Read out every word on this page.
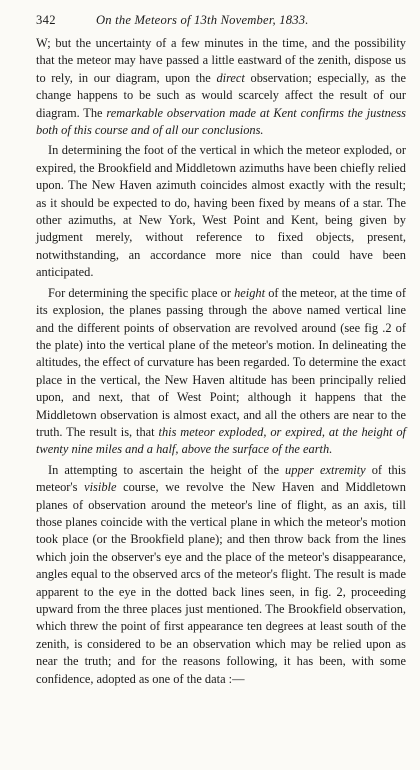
342	On the Meteors of 13th November, 1833.

W; but the uncertainty of a few minutes in the time, and the possibility that the meteor may have passed a little eastward of the zenith, dispose us to rely, in our diagram, upon the direct observation; especially, as the change happens to be such as would scarcely affect the result of our diagram. The remarkable observation made at Kent confirms the justness both of this course and of all our conclusions.

In determining the foot of the vertical in which the meteor exploded, or expired, the Brookfield and Middletown azimuths have been chiefly relied upon. The New Haven azimuth coincides almost exactly with the result; as it should be expected to do, having been fixed by means of a star. The other azimuths, at New York, West Point and Kent, being given by judgment merely, without reference to fixed objects, present, notwithstanding, an accordance more nice than could have been anticipated.

For determining the specific place or height of the meteor, at the time of its explosion, the planes passing through the above named vertical line and the different points of observation are revolved around (see fig .2 of the plate) into the vertical plane of the meteor's motion. In delineating the altitudes, the effect of curvature has been regarded. To determine the exact place in the vertical, the New Haven altitude has been principally relied upon, and next, that of West Point; although it happens that the Middletown observation is almost exact, and all the others are near to the truth. The result is, that this meteor exploded, or expired, at the height of twenty nine miles and a half, above the surface of the earth.

In attempting to ascertain the height of the upper extremity of this meteor's visible course, we revolve the New Haven and Middletown planes of observation around the meteor's line of flight, as an axis, till those planes coincide with the vertical plane in which the meteor's motion took place (or the Brookfield plane); and then throw back from the lines which join the observer's eye and the place of the meteor's disappearance, angles equal to the observed arcs of the meteor's flight. The result is made apparent to the eye in the dotted back lines seen, in fig. 2, proceeding upward from the three places just mentioned. The Brookfield observation, which threw the point of first appearance ten degrees at least south of the zenith, is considered to be an observation which may be relied upon as near the truth; and for the reasons following, it has been, with some confidence, adopted as one of the data :—
